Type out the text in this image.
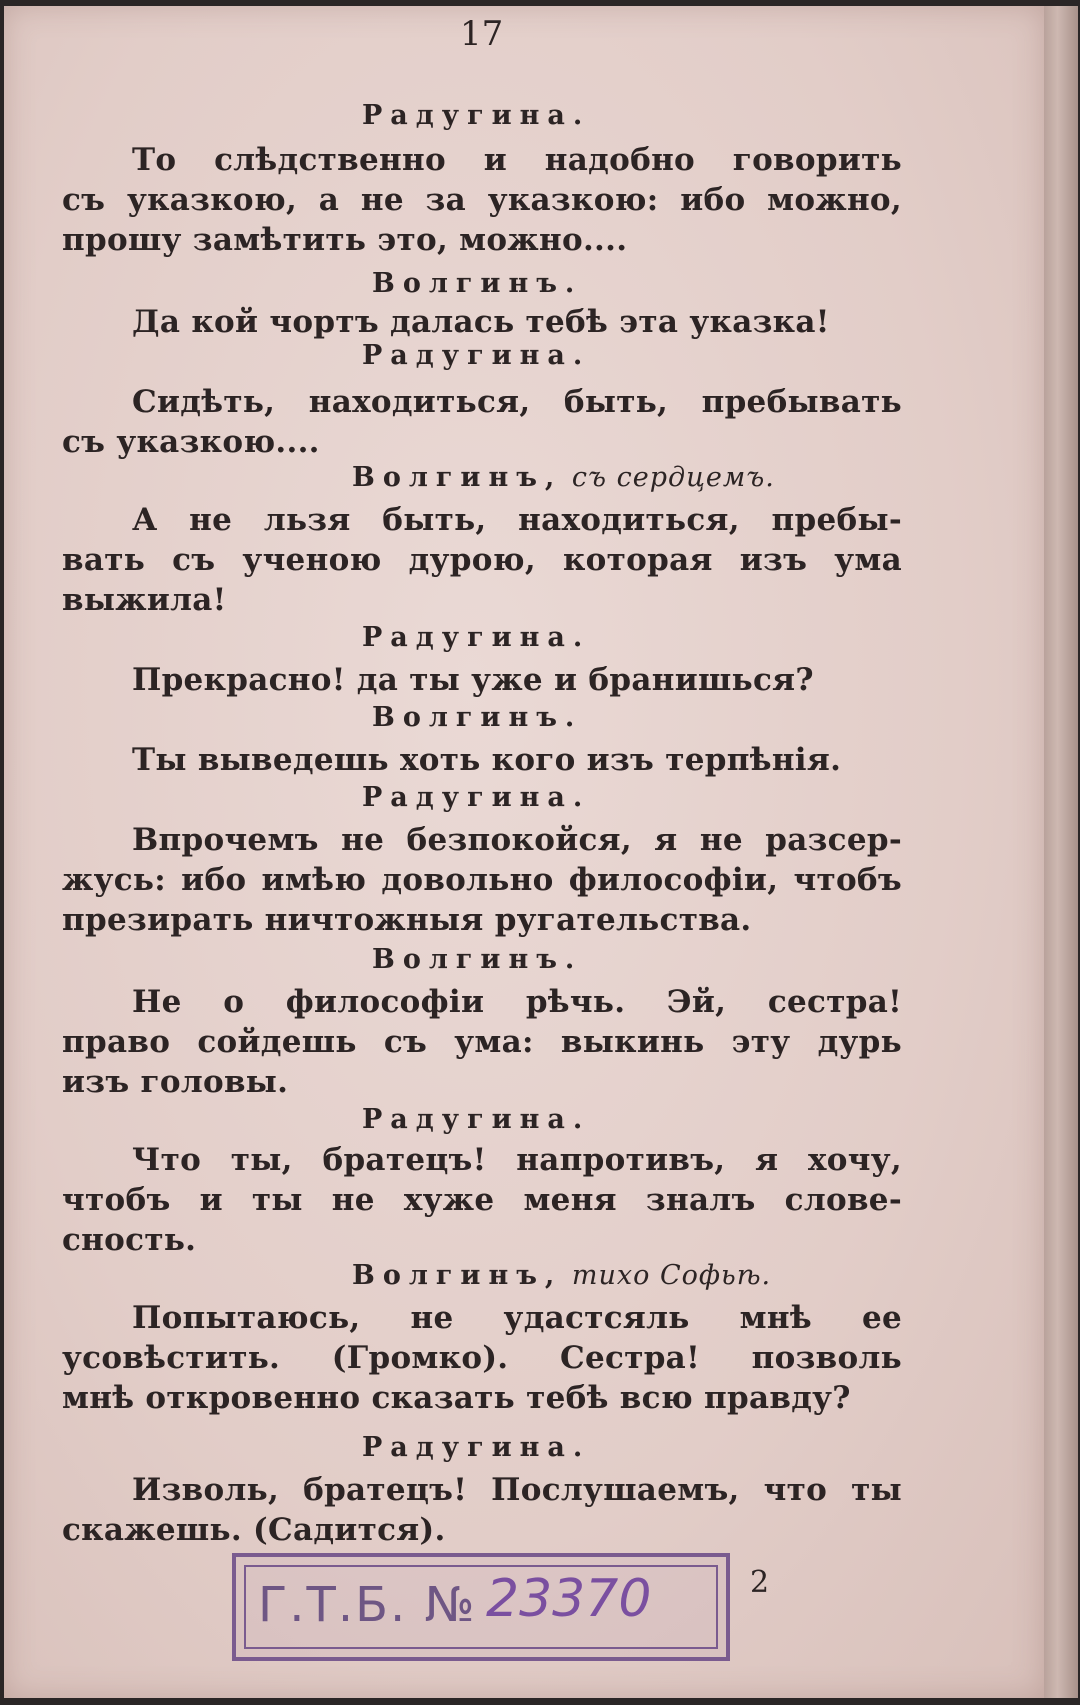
17
Радугина.
То слѣдственно и надобно говорить
съ указкою, а не за указкою: ибо можно,
прошу замѣтить это, можно....
Волгинъ.
Да кой чортъ далась тебѣ эта указка!
Радугина.
Сидѣть, находиться, быть, пребывать
съ указкою....
Волгинъ, съ сердцемъ.
А не льзя быть, находиться, пребы-
вать съ ученою дурою, которая изъ ума
выжила!
Радугина.
Прекрасно! да ты уже и бранишься?
Волгинъ.
Ты выведешь хоть кого изъ терпѣнія.
Радугина.
Впрочемъ не безпокойся, я не разсер-
жусь: ибо имѣю довольно философіи, чтобъ
презирать ничтожныя ругательства.
Волгинъ.
Не о философіи рѣчь. Эй, сестра!
право сойдешь съ ума: выкинь эту дурь
изъ головы.
Радугина.
Что ты, братецъ! напротивъ, я хочу,
чтобъ и ты не хуже меня зналъ слове-
сность.
Волгинъ, тихо Софьѣ.
Попытаюсь, не удастсяль мнѣ ее
усовѣстить. (Громко). Сестра! позволь
мнѣ откровенно сказать тебѣ всю правду?
Радугина.
Изволь, братецъ! Послушаемъ, что ты
скажешь. (Садится).
2
Г.Т.Б. № 23370
